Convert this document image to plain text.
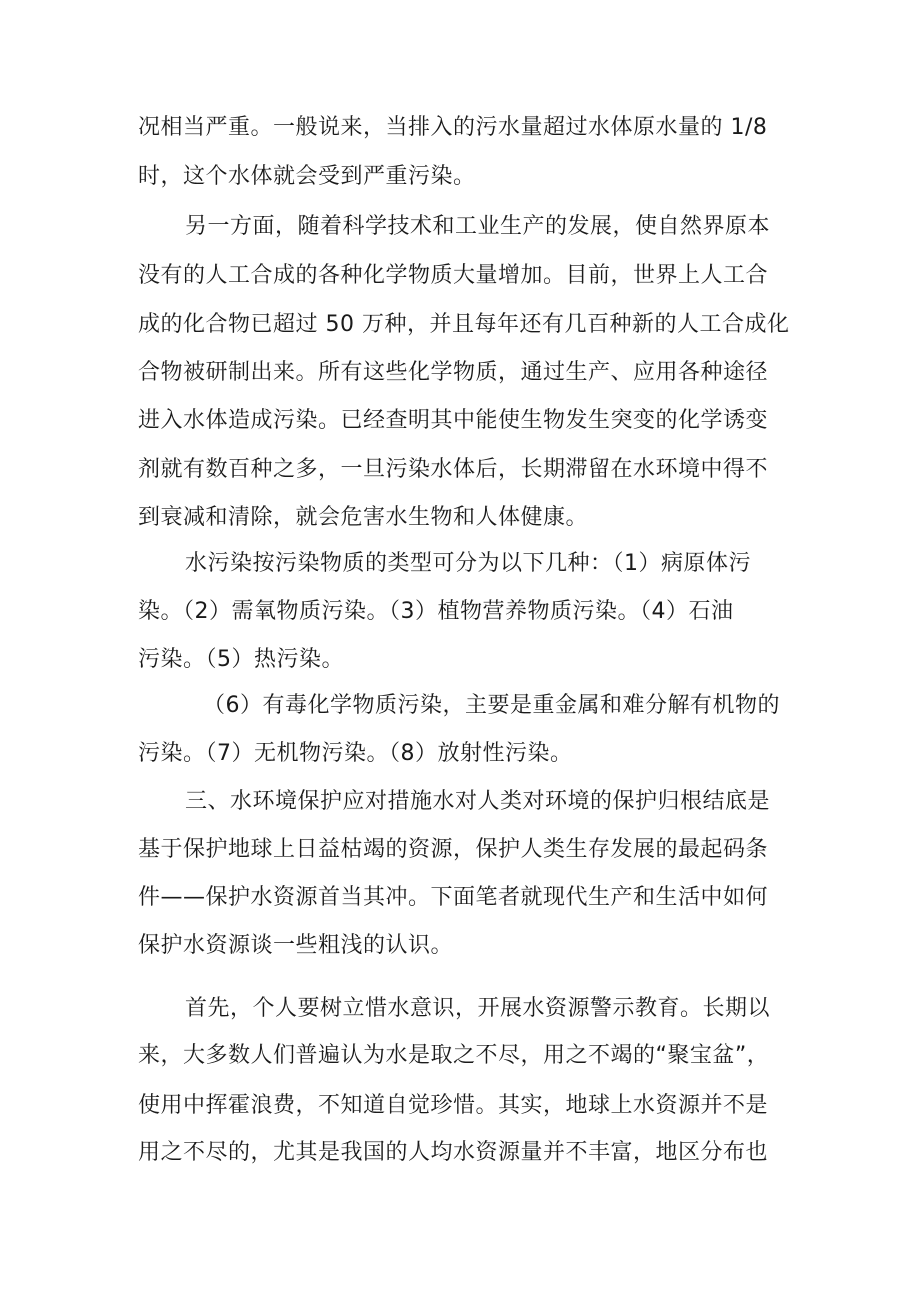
况相当严重。一般说来，当排入的污水量超过水体原水量的 1/8

时，这个水体就会受到严重污染。

另一方面，随着科学技术和工业生产的发展，使自然界原本

没有的人工合成的各种化学物质大量增加。目前，世界上人工合

成的化合物已超过 50 万种，并且每年还有几百种新的人工合成化

合物被研制出来。所有这些化学物质，通过生产、应用各种途径

进入水体造成污染。已经查明其中能使生物发生突变的化学诱变

剂就有数百种之多，一旦污染水体后，长期滞留在水环境中得不

到衰减和清除，就会危害水生物和人体健康。

水污染按污染物质的类型可分为以下几种：（1）病原体污

染。（2）需氧物质污染。（3）植物营养物质污染。（4）石油

污染。（5）热污染。

（6）有毒化学物质污染，主要是重金属和难分解有机物的

污染。（7）无机物污染。（8）放射性污染。

三、水环境保护应对措施水对人类对环境的保护归根结底是

基于保护地球上日益枯竭的资源，保护人类生存发展的最起码条

件——保护水资源首当其冲。下面笔者就现代生产和生活中如何

保护水资源谈一些粗浅的认识。

首先，个人要树立惜水意识，开展水资源警示教育。长期以

来，大多数人们普遍认为水是取之不尽，用之不竭的“聚宝盆”，

使用中挥霍浪费，不知道自觉珍惜。其实，地球上水资源并不是

用之不尽的，尤其是我国的人均水资源量并不丰富，地区分布也
